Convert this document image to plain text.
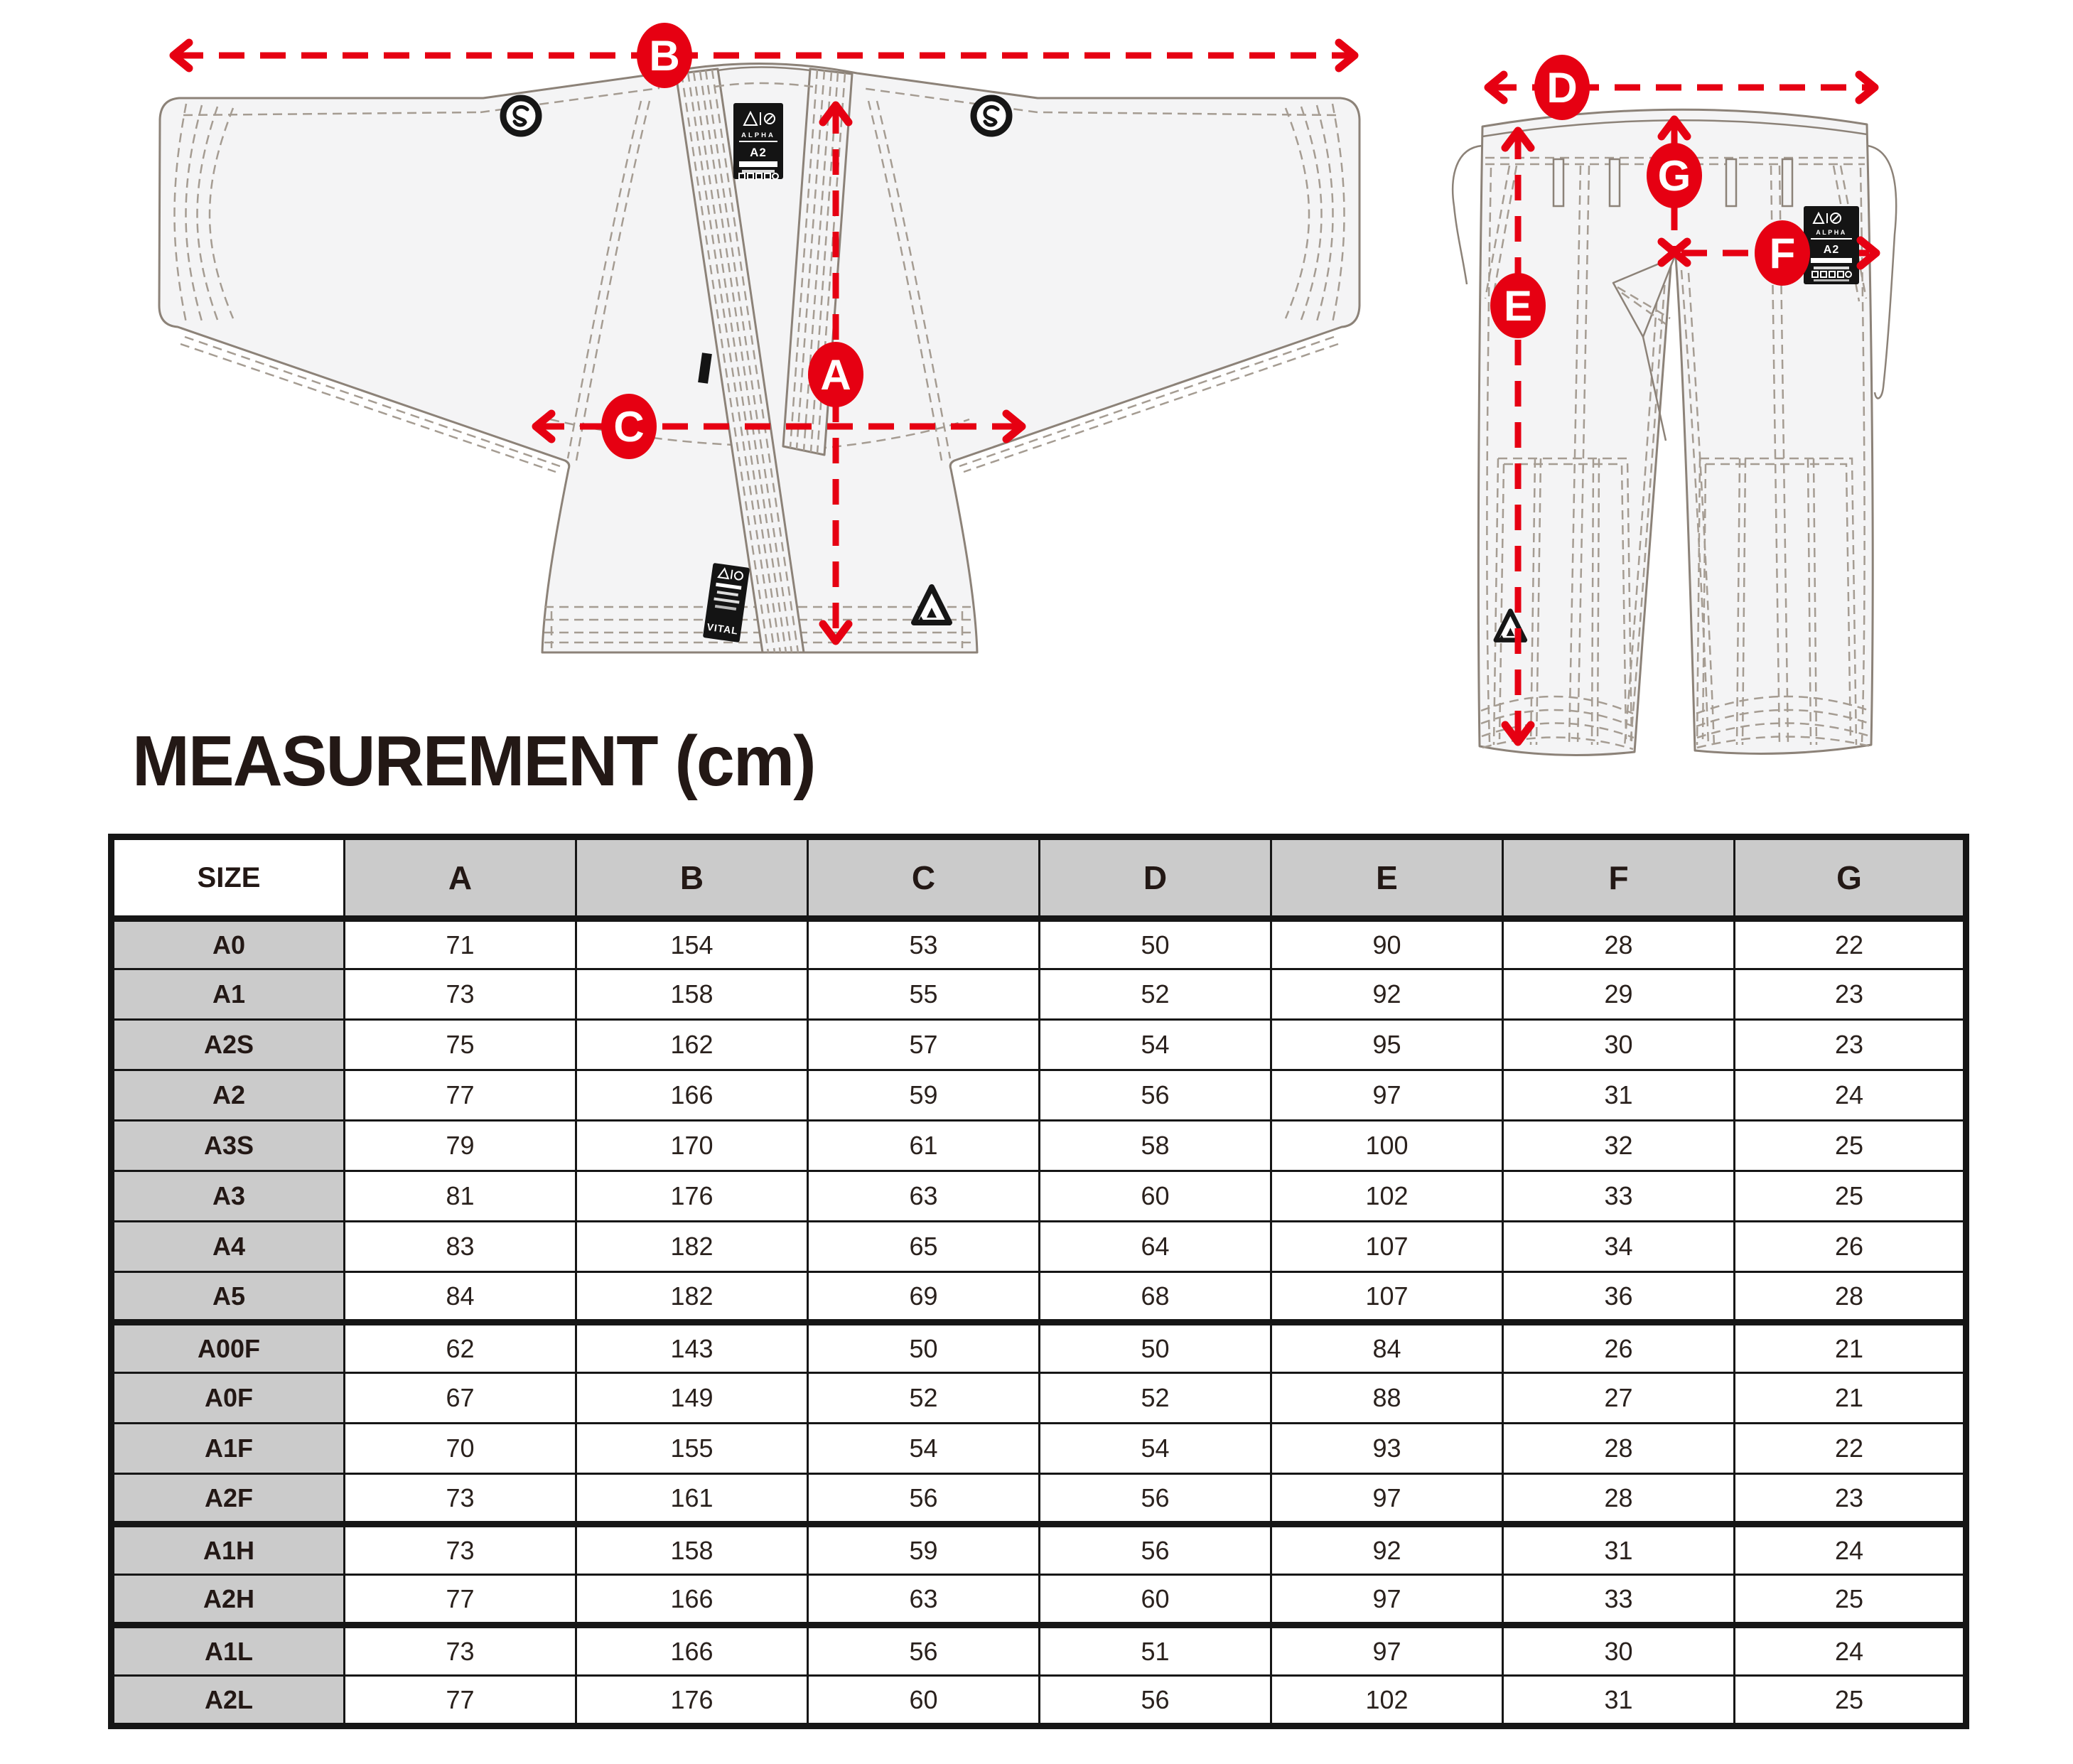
ALPHA
A2
VITAL
B
A
C
ALPHA
A2
D
G
F
E
MEASUREMENT (cm)
SIZE	A	B	C	D	E	F	G
A0	71	154	53	50	90	28	22
A1	73	158	55	52	92	29	23
A2S	75	162	57	54	95	30	23
A2	77	166	59	56	97	31	24
A3S	79	170	61	58	100	32	25
A3	81	176	63	60	102	33	25
A4	83	182	65	64	107	34	26
A5	84	182	69	68	107	36	28
A00F	62	143	50	50	84	26	21
A0F	67	149	52	52	88	27	21
A1F	70	155	54	54	93	28	22
A2F	73	161	56	56	97	28	23
A1H	73	158	59	56	92	31	24
A2H	77	166	63	60	97	33	25
A1L	73	166	56	51	97	30	24
A2L	77	176	60	56	102	31	25
